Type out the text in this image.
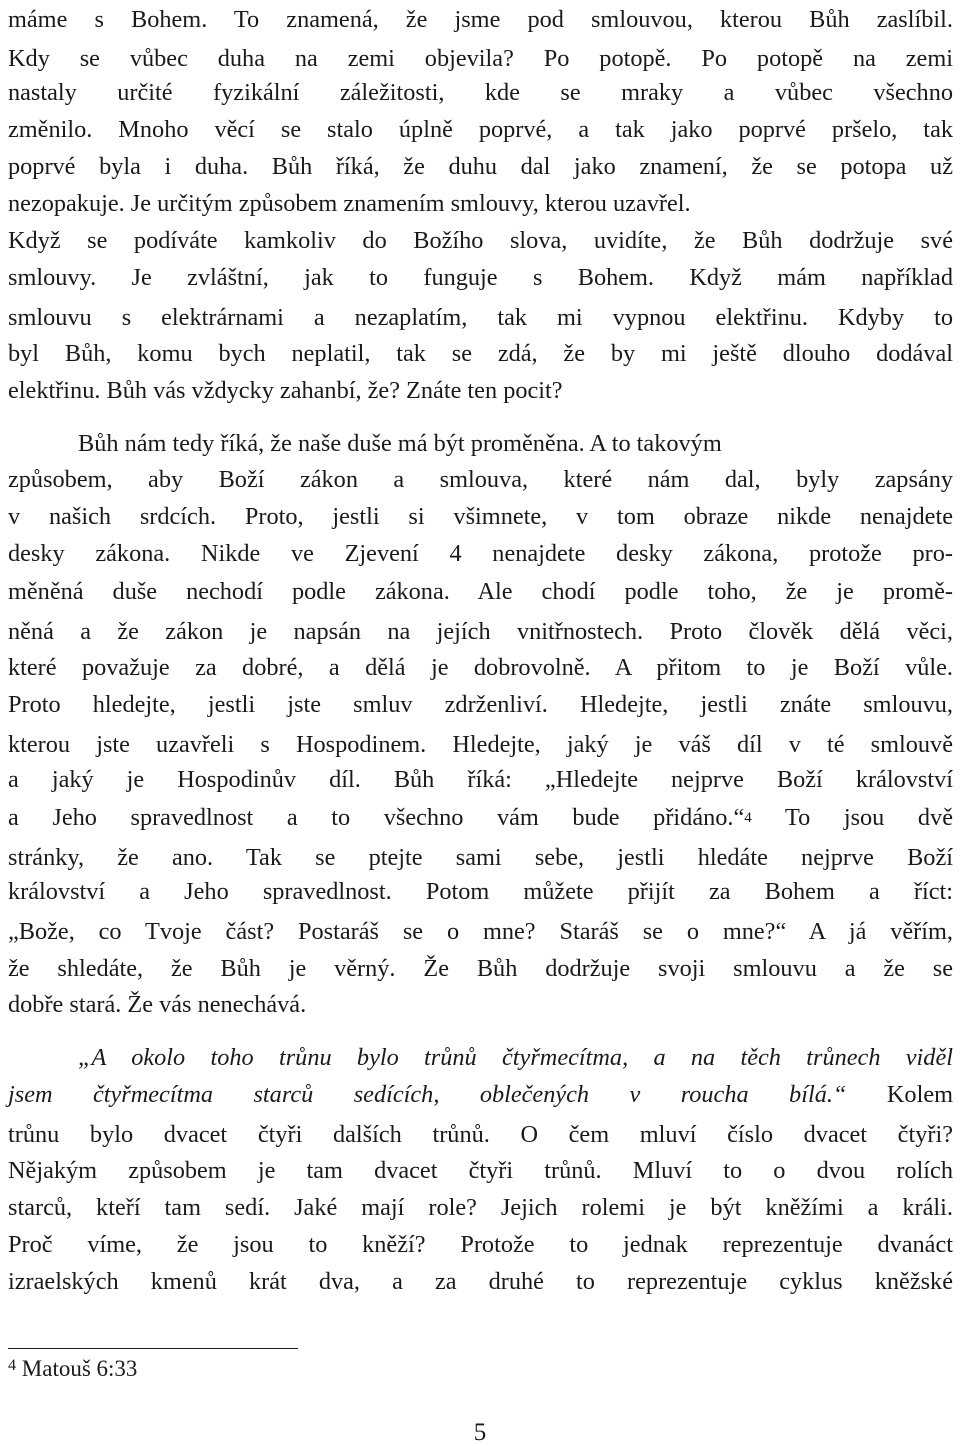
máme s Bohem. To znamená, že jsme pod smlouvou, kterou Bůh zaslíbil.
Kdy se vůbec duha na zemi objevila? Po potopě. Po potopě na zemi
nastaly určité fyzikální záležitosti, kde se mraky a vůbec všechno
změnilo. Mnoho věcí se stalo úplně poprvé, a tak jako poprvé pršelo, tak
poprvé byla i duha. Bůh říká, že duhu dal jako znamení, že se potopa už
nezopakuje. Je určitým způsobem znamením smlouvy, kterou uzavřel.
Když se podíváte kamkoliv do Božího slova, uvidíte, že Bůh dodržuje své
smlouvy. Je zvláštní, jak to funguje s Bohem. Když mám například
smlouvu s elektrárnami a nezaplatím, tak mi vypnou elektřinu. Kdyby to
byl Bůh, komu bych neplatil, tak se zdá, že by mi ještě dlouho dodával
elektřinu. Bůh vás vždycky zahanbí, že? Znáte ten pocit?
Bůh nám tedy říká, že naše duše má být proměněna. A to takovým
způsobem, aby Boží zákon a smlouva, které nám dal, byly zapsány
v našich srdcích. Proto, jestli si všimnete, v tom obraze nikde nenajdete
desky zákona. Nikde ve Zjevení 4 nenajdete desky zákona, protože pro-
měněná duše nechodí podle zákona. Ale chodí podle toho, že je promě-
něná a že zákon je napsán na jejích vnitřnostech. Proto člověk dělá věci,
které považuje za dobré, a dělá je dobrovolně. A přitom to je Boží vůle.
Proto hledejte, jestli jste smluv zdrženliví. Hledejte, jestli znáte smlouvu,
kterou jste uzavřeli s Hospodinem. Hledejte, jaký je váš díl v té smlouvě
a jaký je Hospodinův díl. Bůh říká: „Hledejte nejprve Boží království
a Jeho spravedlnost a to všechno vám bude přidáno.“$^4$ To jsou dvě
stránky, že ano. Tak se ptejte sami sebe, jestli hledáte nejprve Boží
království a Jeho spravedlnost. Potom můžete přijít za Bohem a říct:
„Bože, co Tvoje část? Postaráš se o mne? Staráš se o mne?“ A já věřím,
že shledáte, že Bůh je věrný. Že Bůh dodržuje svoji smlouvu a že se
dobře stará. Že vás nenechává.
„A okolo toho trůnu bylo trůnů čtyřmecítma, a na těch trůnech viděl
jsem čtyřmecítma starců sedících, oblečených v roucha bílá.“ Kolem
trůnu bylo dvacet čtyři dalších trůnů. O čem mluví číslo dvacet čtyři?
Nějakým způsobem je tam dvacet čtyři trůnů. Mluví to o dvou rolích
starců, kteří tam sedí. Jaké mají role? Jejich rolemi je být kněžími a králi.
Proč víme, že jsou to kněží? Protože to jednak reprezentuje dvanáct
izraelských kmenů krát dva, a za druhé to reprezentuje cyklus kněžské
$^4$ Matouš 6:33
5
